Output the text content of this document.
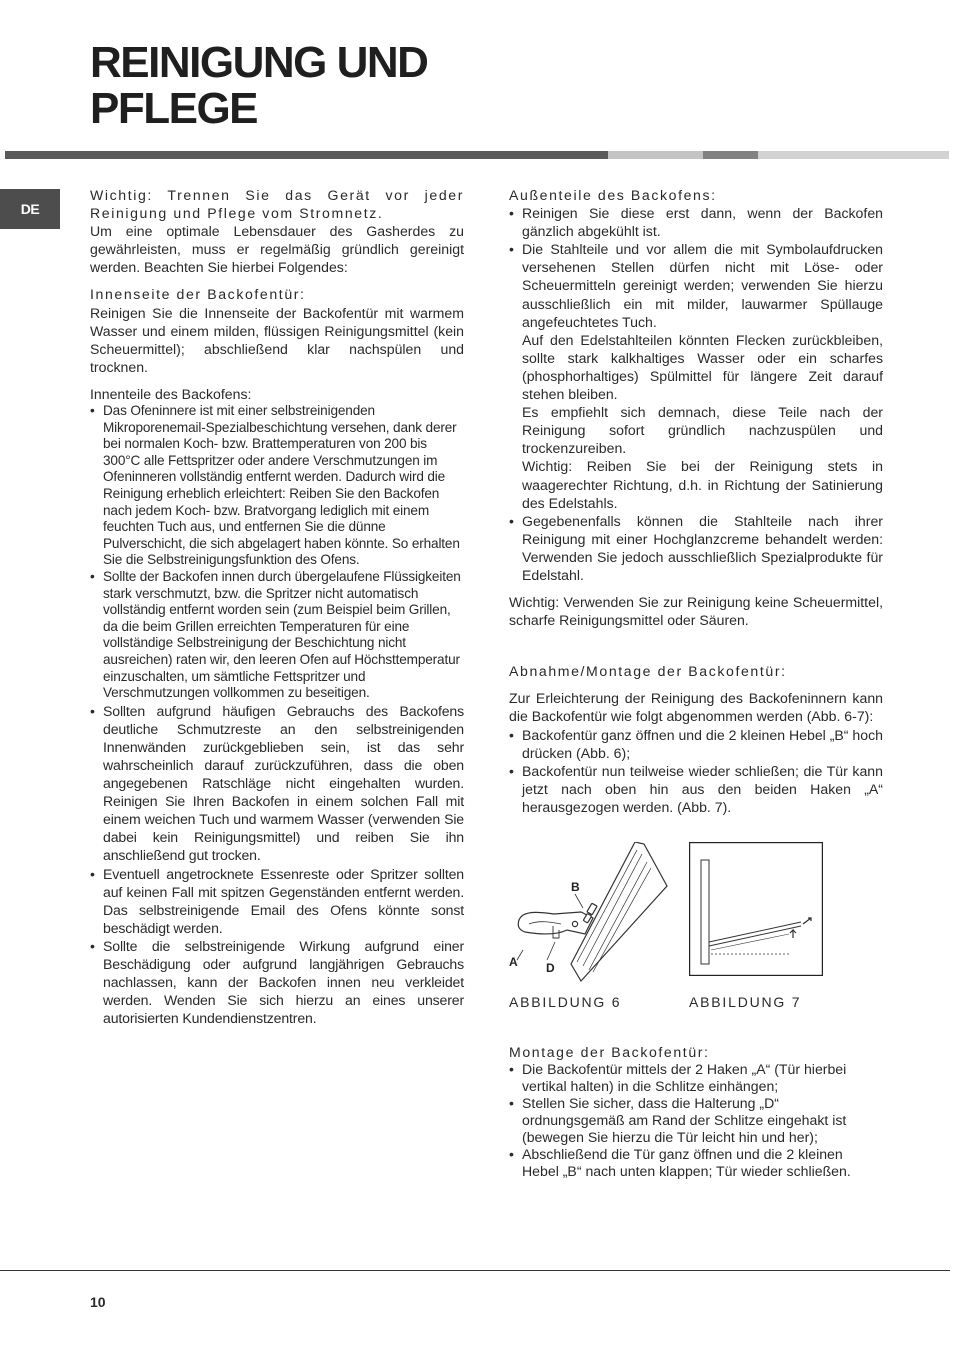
REINIGUNG UND
PFLEGE
DE

Wichtig: Trennen Sie das Gerät vor jeder Reinigung und Pflege vom Stromnetz.
Um eine optimale Lebensdauer des Gasherdes zu gewährleisten, muss er regelmäßig gründlich gereinigt werden. Beachten Sie hierbei Folgendes:

Innenseite der Backofentür:
Reinigen Sie die Innenseite der Backofentür mit warmem Wasser und einem milden, flüssigen Reinigungsmittel (kein Scheuermittel); abschließend klar nachspülen und trocknen.

Innenteile des Backofens:

• Das Ofeninnere ist mit einer selbstreinigenden Mikroporenemail-Spezialbeschichtung versehen, dank derer bei normalen Koch- bzw. Brattemperaturen von 200 bis 300°C alle Fettspritzer oder andere Verschmutzungen im Ofeninneren vollständig entfernt werden. Dadurch wird die Reinigung erheblich erleichtert: Reiben Sie den Backofen nach jedem Koch- bzw. Bratvorgang lediglich mit einem feuchten Tuch aus, und entfernen Sie die dünne Pulverschicht, die sich abgelagert haben könnte. So erhalten Sie die Selbstreinigungsfunktion des Ofens.
• Sollte der Backofen innen durch übergelaufene Flüssigkeiten stark verschmutzt, bzw. die Spritzer nicht automatisch vollständig entfernt worden sein (zum Beispiel beim Grillen, da die beim Grillen erreichten Temperaturen für eine vollständige Selbstreinigung der Beschichtung nicht ausreichen) raten wir, den leeren Ofen auf Höchsttemperatur einzuschalten, um sämtliche Fettspritzer und Verschmutzungen vollkommen zu beseitigen.
• Sollten aufgrund häufigen Gebrauchs des Backofens deutliche Schmutzreste an den selbstreinigenden Innenwänden zurückgeblieben sein, ist das sehr wahrscheinlich darauf zurückzuführen, dass die oben angegebenen Ratschläge nicht eingehalten wurden. Reinigen Sie Ihren Backofen in einem solchen Fall mit einem weichen Tuch und warmem Wasser (verwenden Sie dabei kein Reinigungsmittel) und reiben Sie ihn anschließend gut trocken.
• Eventuell angetrocknete Essenreste oder Spritzer sollten auf keinen Fall mit spitzen Gegenständen entfernt werden. Das selbstreinigende Email des Ofens könnte sonst beschädigt werden.
• Sollte die selbstreinigende Wirkung aufgrund einer Beschädigung oder aufgrund langjährigen Gebrauchs nachlassen, kann der Backofen innen neu verkleidet werden. Wenden Sie sich hierzu an eines unserer autorisierten Kundendienstzentren.

Außenteile des Backofens:

• Reinigen Sie diese erst dann, wenn der Backofen gänzlich abgekühlt ist.
• Die Stahlteile und vor allem die mit Symbolaufdrucken versehenen Stellen dürfen nicht mit Löse- oder Scheuermitteln gereinigt werden; verwenden Sie hierzu ausschließlich ein mit milder, lauwarmer Spüllauge angefeuchtetes Tuch.
Auf den Edelstahlteilen könnten Flecken zurückbleiben, sollte stark kalkhaltiges Wasser oder ein scharfes (phosphorhaltiges) Spülmittel für längere Zeit darauf stehen bleiben.
Es empfiehlt sich demnach, diese Teile nach der Reinigung sofort gründlich nachzuspülen und trockenzureiben.
Wichtig: Reiben Sie bei der Reinigung stets in waagerechter Richtung, d.h. in Richtung der Satinierung des Edelstahls.
• Gegebenenfalls können die Stahlteile nach ihrer Reinigung mit einer Hochglanzcreme behandelt werden: Verwenden Sie jedoch ausschließlich Spezialprodukte für Edelstahl.

Wichtig: Verwenden Sie zur Reinigung keine Scheuermittel, scharfe Reinigungsmittel oder Säuren.

Abnahme/Montage der Backofentür:

Zur Erleichterung der Reinigung des Backofeninnern kann die Backofentür wie folgt abgenommen werden (Abb. 6-7):

• Backofentür ganz öffnen und die 2 kleinen Hebel „B“ hoch drücken (Abb. 6);
• Backofentür nun teilweise wieder schließen; die Tür kann jetzt nach oben hin aus den beiden Haken „A“ herausgezogen werden. (Abb. 7).
B
A D
ABBILDUNG 6	ABBILDUNG 7

Montage der Backofentür:

• Die Backofentür mittels der 2 Haken „A“ (Tür hierbei vertikal halten) in die Schlitze einhängen;
• Stellen Sie sicher, dass die Halterung „D“ ordnungsgemäß am Rand der Schlitze eingehakt ist (bewegen Sie hierzu die Tür leicht hin und her);
• Abschließend die Tür ganz öffnen und die 2 kleinen Hebel „B“ nach unten klappen; Tür wieder schließen.
10
